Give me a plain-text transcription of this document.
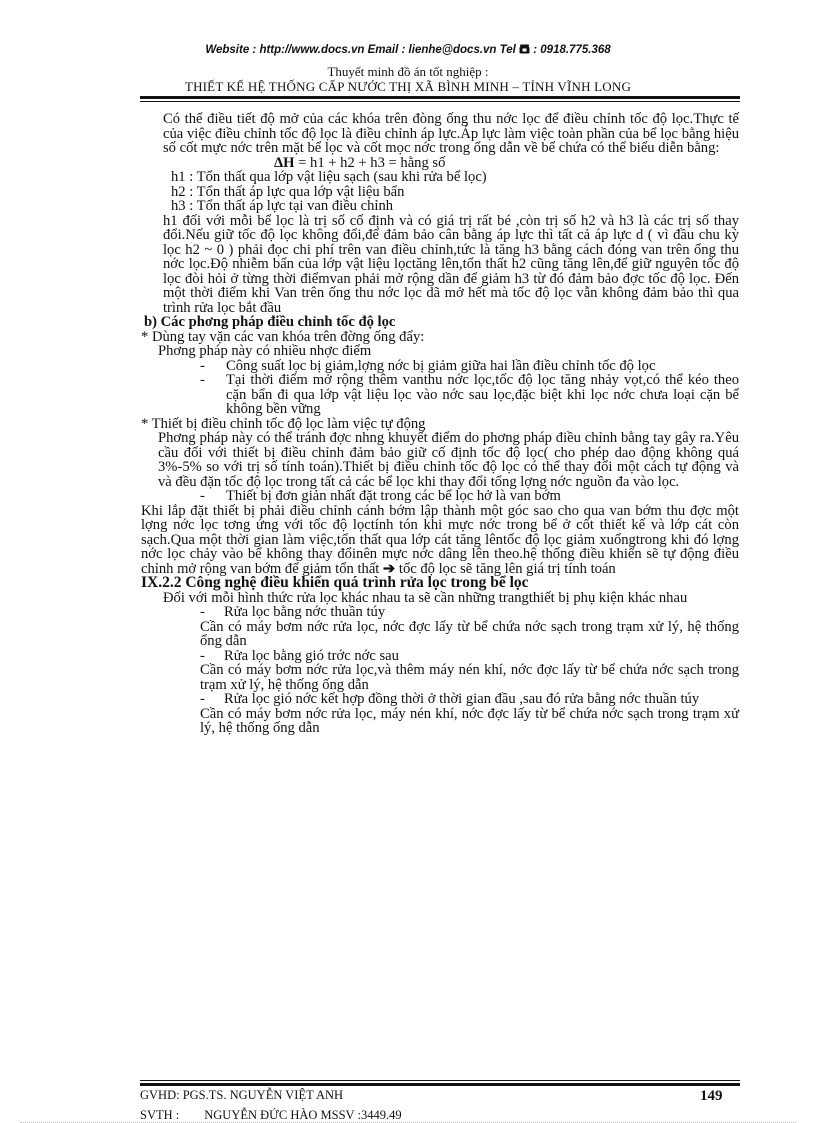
Website : http://www.docs.vn Email : lienhe@docs.vn Tel  : 0918.775.368
Thuyết minh đồ án tốt nghiệp :
THIẾT KẾ HỆ THỐNG CẤP NƯỚC THỊ XÃ BÌNH MINH – TỈNH VĨNH LONG

Có thể điều tiết độ mở của các khóa trên đòng ống thu nớc lọc để điều chỉnh tốc độ lọc.Thực tế của việc điều chỉnh tốc độ lọc là điều chỉnh áp lực.Áp lực làm việc toàn phần của bể lọc bằng hiệu số cốt mực nớc trên mặt bể lọc và cốt mọc nớc trong ống dẫn về bể chứa có thể biểu diễn bằng:

ΔH = h1 + h2 + h3 = hằng số

h1 : Tổn thất qua lớp vật liệu sạch (sau khi rửa bể lọc)

h2 : Tổn thất áp lực qua lớp vật liệu bẩn

h3 : Tổn thất áp lực tại van điều chỉnh

h1 đối với mỗi bể lọc là trị số cố định và có giá trị rất bé ,còn trị số h2 và h3 là các trị số thay đổi.Nếu giữ tốc độ lọc không đổi,để đảm bảo cân bằng áp lực thì tất cả áp lực d ( vì đầu chu kỳ lọc h2 ~ 0 ) phải đọc chi phí trên van điều chỉnh,tức là tăng h3 bằng cách đóng van trên ống thu nớc lọc.Độ nhiễm bẩn của lớp vật liệu lọctăng lên,tổn thất h2 cũng tăng lên,để giữ nguyên tốc độ lọc đòi hỏi ở từng thời điểmvan phải mở rộng dần để giảm h3 từ đó đảm bảo đợc tốc độ lọc. Đến một thời điểm khi Van trên ống thu nớc lọc dã mở hết mà tốc độ lọc vẫn không đảm bảo thì qua trình rửa lọc bắt đầu

b) Các phơng pháp điều chỉnh tốc độ lọc

* Dùng tay vặn các van khóa trên đờng ống đẩy:

Phơng pháp này có nhiều nhợc điểm

-	Công suất lọc bị giảm,lợng nớc bị giảm giữa hai lần điều chỉnh tốc độ lọc
-	Tại thời điểm mở rộng thêm vanthu nớc lọc,tốc độ lọc tăng nhảy vọt,có thể kéo theo cặn bẩn đi qua lớp vật liệu lọc vào nớc sau lọc,đặc biệt khi lọc nớc chưa loại cặn bể không bền vững

* Thiết bị điều chỉnh tốc độ lọc làm việc tự động

Phơng pháp này có thể tránh đợc nhng khuyết điểm do phơng pháp điều chỉnh bằng tay gây ra.Yêu cầu đối với thiết bị điều chỉnh đảm bảo giữ cố định tốc độ lọc( cho phép dao động không quá 3%-5% so với trị số tính toán).Thiết bị điều chỉnh tốc độ lọc có thể thay đổi một cách tự động và và đều đặn tốc độ lọc trong tất cả các bể lọc khi thay đổi tổng lợng nớc nguồn đa vào lọc.

-	Thiết bị đơn giản nhất đặt trong các bể lọc hở là van bớm

Khi lắp đặt thiết bị phải điều chỉnh cánh bớm lập thành một góc sao cho qua van bớm thu đợc một lợng nớc lọc tơng ứng với tốc độ lọctính tón khi mực nớc trong bể ở cốt thiết kế và lớp cát còn sạch.Qua một thời gian làm việc,tổn thất qua lớp cát tăng lêntốc độ lọc giảm xuốngtrong khi đó lợng nớc lọc chảy vào bể không thay đổinên mực nớc dâng lên theo.hệ thống điều khiển sẽ tự động điều chỉnh mở rộng van bớm để giảm tổn thất ➔ tốc độ lọc sẽ tăng lên giá trị tính toán

IX.2.2 Công nghệ điều khiển quá trình rửa lọc trong bể lọc

Đối với mỗi hình thức rửa lọc khác nhau ta sẽ cần những trangthiết bị phụ kiện khác nhau

-	Rửa lọc bằng nớc thuần túy

Cần có máy bơm nớc rửa lọc, nớc đợc lấy từ bể chứa nớc sạch trong trạm xử lý, hệ thống ống dẫn

-	Rửa lọc bằng gió trớc nớc sau

Cần có máy bơm nớc rửa lọc,và thêm máy nén khí, nớc đợc lấy từ bể chứa nớc sạch trong trạm xử lý, hệ thống ống dẫn

-	Rửa lọc gió nớc kết hợp đồng thời ở thời gian đầu ,sau đó rửa bằng nớc thuần túy

Cần có máy bơm nớc rửa lọc, máy nén khí, nớc đợc lấy từ bể chứa nớc sạch trong trạm xử lý, hệ thống ống dẫn

GVHD: PGS.TS. NGUYỄN VIỆT ANH	149
SVTH :        NGUYỄN ĐỨC HÀO MSSV :3449.49
